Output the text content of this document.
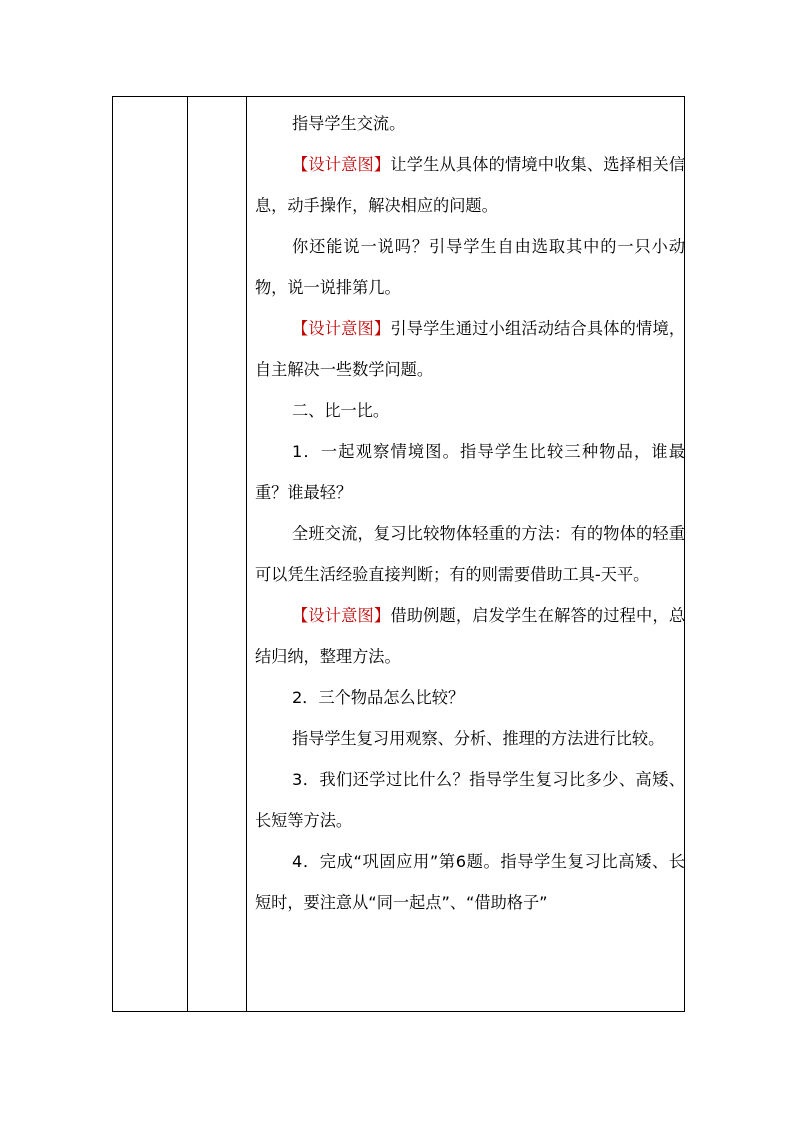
指导学生交流。

【设计意图】让学生从具体的情境中收集、选择相关信息，动手操作，解决相应的问题。

你还能说一说吗？引导学生自由选取其中的一只小动物，说一说排第几。

【设计意图】引导学生通过小组活动结合具体的情境，自主解决一些数学问题。

二、比一比。

1．一起观察情境图。指导学生比较三种物品，谁最重？谁最轻？

全班交流，复习比较物体轻重的方法：有的物体的轻重可以凭生活经验直接判断；有的则需要借助工具-天平。

【设计意图】借助例题，启发学生在解答的过程中，总结归纳，整理方法。

2．三个物品怎么比较？

指导学生复习用观察、分析、推理的方法进行比较。

3．我们还学过比什么？指导学生复习比多少、高矮、长短等方法。

4．完成“巩固应用”第6题。指导学生复习比高矮、长短时，要注意从“同一起点”、“借助格子”
